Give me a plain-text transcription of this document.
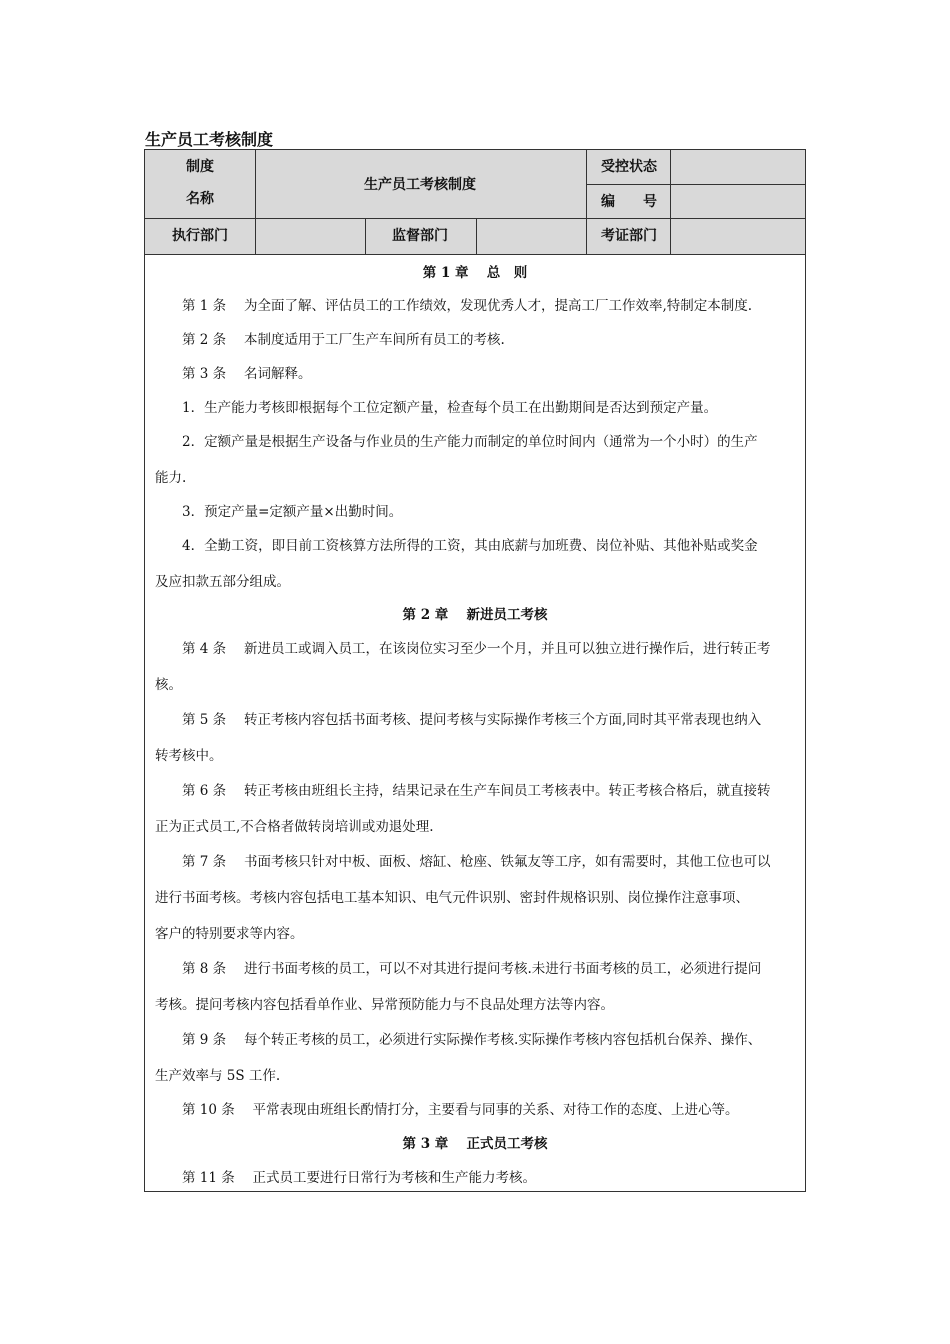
生产员工考核制度
制度
名称
生产员工考核制度
受控状态
编　　号
执行部门	监督部门	考证部门
第 1 章　 总　则
第 1 条　 为全面了解、评估员工的工作绩效，发现优秀人才，提高工厂工作效率,特制定本制度.
第 2 条　 本制度适用于工厂生产车间所有员工的考核.
第 3 条　 名词解释。
1．生产能力考核即根据每个工位定额产量，检查每个员工在出勤期间是否达到预定产量。
2．定额产量是根据生产设备与作业员的生产能力而制定的单位时间内（通常为一个小时）的生产
能力.
3．预定产量=定额产量×出勤时间。
4．全勤工资，即目前工资核算方法所得的工资，其由底薪与加班费、岗位补贴、其他补贴或奖金
及应扣款五部分组成。
第 2 章　 新进员工考核
第 4 条　 新进员工或调入员工，在该岗位实习至少一个月，并且可以独立进行操作后，进行转正考
核。
第 5 条　 转正考核内容包括书面考核、提问考核与实际操作考核三个方面,同时其平常表现也纳入
转考核中。
第 6 条　 转正考核由班组长主持，结果记录在生产车间员工考核表中。转正考核合格后，就直接转
正为正式员工,不合格者做转岗培训或劝退处理.
第 7 条　 书面考核只针对中板、面板、熔缸、枪座、铁氟友等工序，如有需要时，其他工位也可以
进行书面考核。考核内容包括电工基本知识、电气元件识别、密封件规格识别、岗位操作注意事项、
客户的特别要求等内容。
第 8 条　 进行书面考核的员工，可以不对其进行提问考核.未进行书面考核的员工，必须进行提问
考核。提问考核内容包括看单作业、异常预防能力与不良品处理方法等内容。
第 9 条　 每个转正考核的员工，必须进行实际操作考核.实际操作考核内容包括机台保养、操作、
生产效率与 5S 工作.
第 10 条　 平常表现由班组长酌情打分，主要看与同事的关系、对待工作的态度、上进心等。
第 3 章　 正式员工考核
第 11 条　 正式员工要进行日常行为考核和生产能力考核。
